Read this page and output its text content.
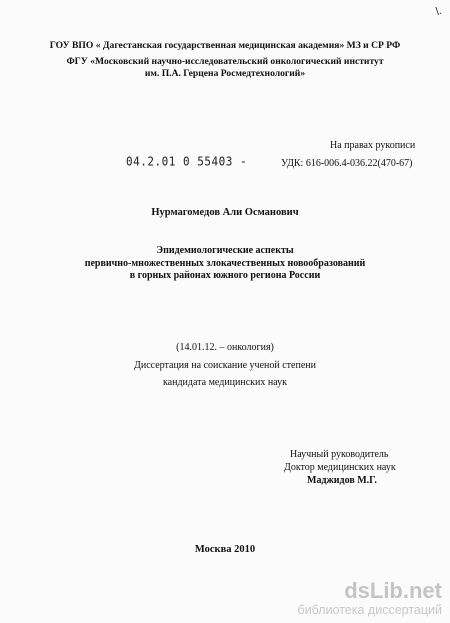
\.
ГОУ ВПО « Дагестанская государственная медицинская академия» МЗ и СР РФ
ФГУ «Московский научно-исследовательский онкологический институт
им. П.А. Герцена Росмедтехнологий»
На правах рукописи
УДК: 616-006.4-036.22(470-67)
04.2.01 0 55403 -
Нурмагомедов Али Османович
Эпидемиологические аспекты
первично-множественных злокачественных новообразований
в горных районах южного региона России
(14.01.12. – онкология)
Диссертация на соискание ученой степени
кандидата медицинских наук
Научный руководитель
Доктор медицинских наук
Маджидов М.Г.
Москва 2010
dsLib.net
библиотека диссертаций
